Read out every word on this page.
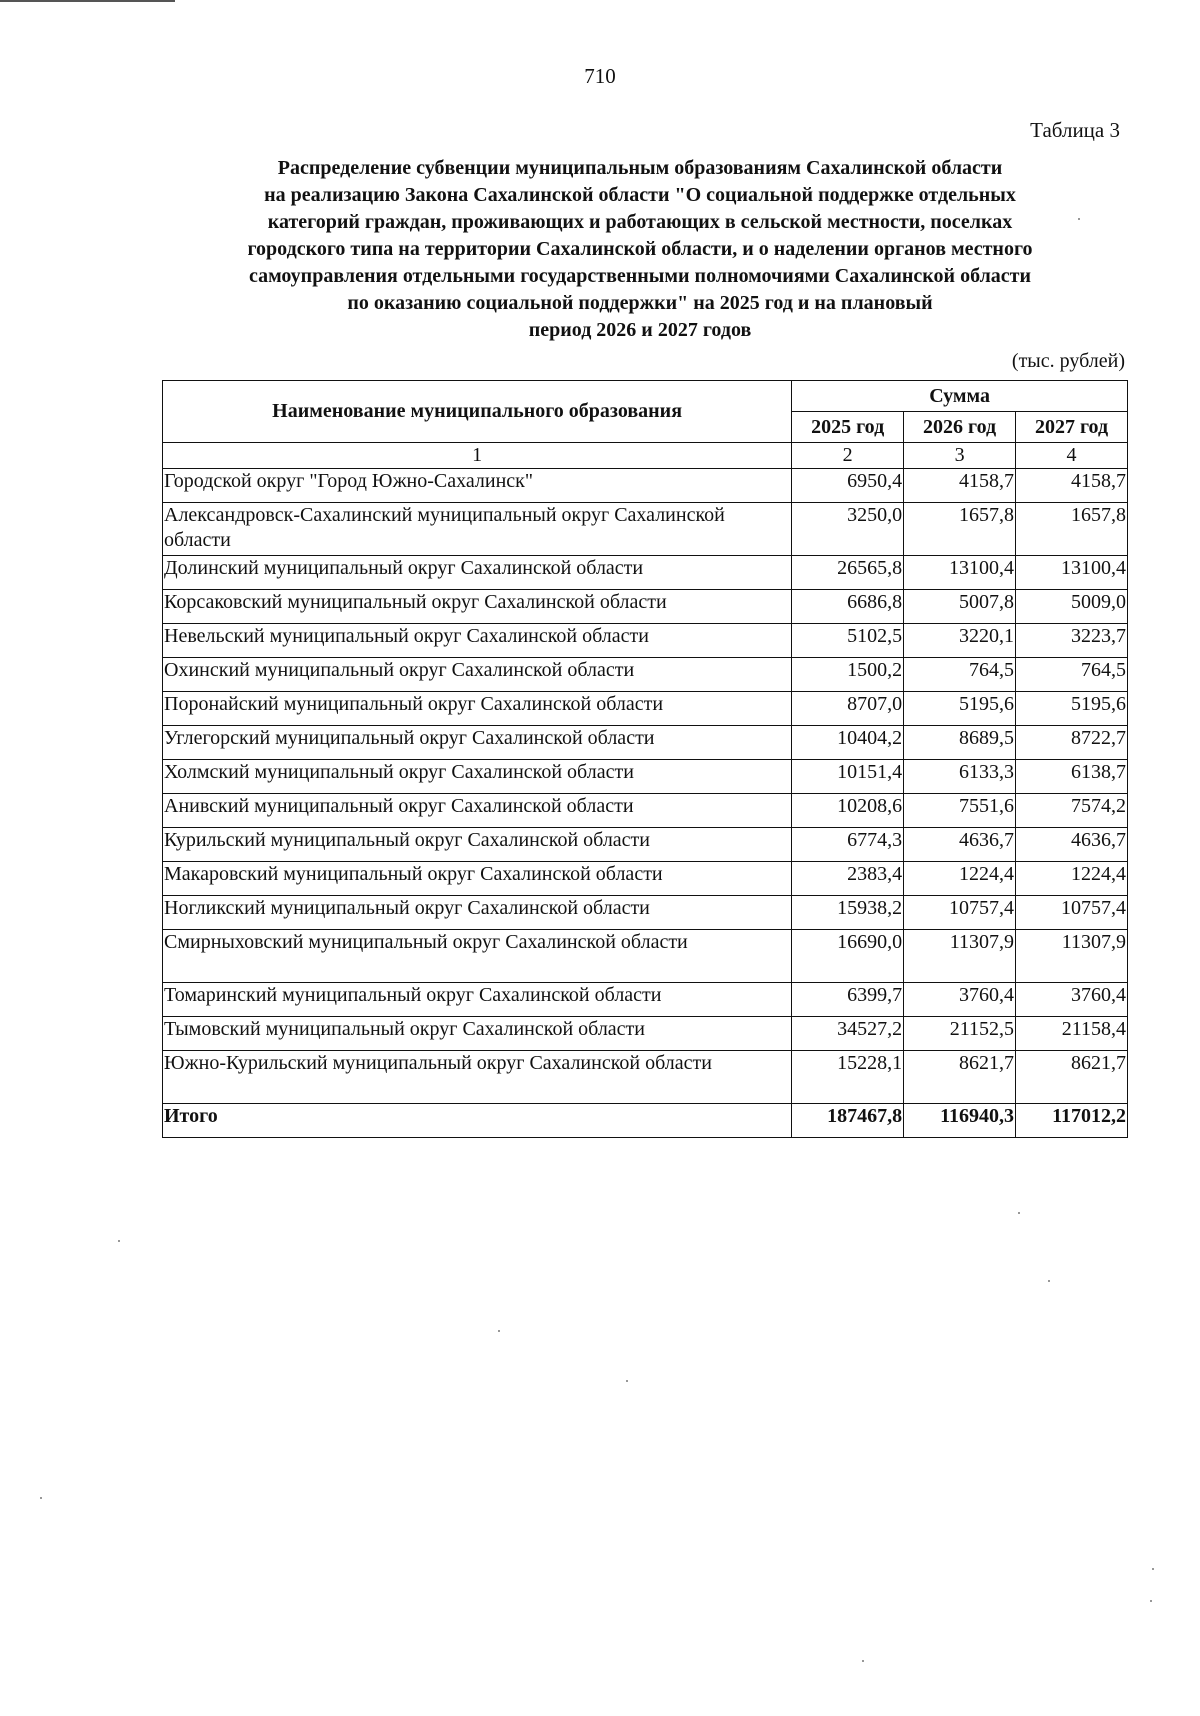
710
Таблица 3
Распределение субвенции муниципальным образованиям Сахалинской области
на реализацию Закона Сахалинской области "О социальной поддержке отдельных
категорий граждан, проживающих и работающих в сельской местности, поселках
городского типа на территории Сахалинской области, и о наделении органов местного
самоуправления отдельными государственными полномочиями Сахалинской области
по оказанию социальной поддержки" на 2025 год и на плановый
период 2026 и 2027 годов
(тыс. рублей)
Наименование муниципального образования	Сумма		
	2025 год	2026 год	2027 год
1	2	3	4
Городской округ "Город Южно-Сахалинск"	6950,4	4158,7	4158,7
Александровск-Сахалинский муниципальный округ Сахалинской области	3250,0	1657,8	1657,8
Долинский муниципальный округ Сахалинской области	26565,8	13100,4	13100,4
Корсаковский муниципальный округ Сахалинской области	6686,8	5007,8	5009,0
Невельский муниципальный округ Сахалинской области	5102,5	3220,1	3223,7
Охинский муниципальный округ Сахалинской области	1500,2	764,5	764,5
Поронайский муниципальный округ Сахалинской области	8707,0	5195,6	5195,6
Углегорский муниципальный округ Сахалинской области	10404,2	8689,5	8722,7
Холмский муниципальный округ Сахалинской области	10151,4	6133,3	6138,7
Анивский муниципальный округ Сахалинской области	10208,6	7551,6	7574,2
Курильский муниципальный округ Сахалинской области	6774,3	4636,7	4636,7
Макаровский муниципальный округ Сахалинской области	2383,4	1224,4	1224,4
Ногликский муниципальный округ Сахалинской области	15938,2	10757,4	10757,4
Смирныховский муниципальный округ Сахалинской области	16690,0	11307,9	11307,9
Томаринский муниципальный округ Сахалинской области	6399,7	3760,4	3760,4
Тымовский муниципальный округ Сахалинской области	34527,2	21152,5	21158,4
Южно-Курильский муниципальный округ Сахалинской области	15228,1	8621,7	8621,7
Итого	187467,8	116940,3	117012,2
